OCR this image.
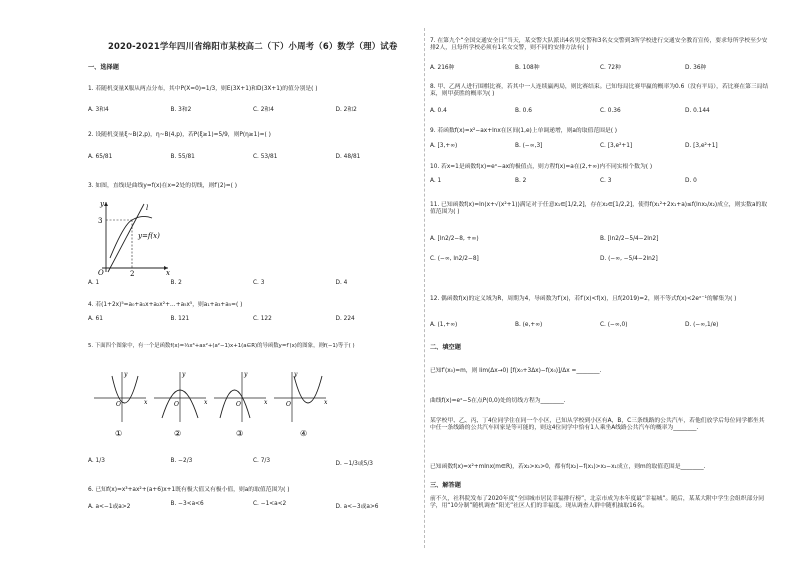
2020-2021学年四川省绵阳市某校高二（下）小周考（6）数学（理）试卷
一、选择题
1. 若随机变量X服从两点分布，其中P(X=0)=1/3，则E(3X+1)和D(3X+1)的值分别是( )
A. 3和4	B. 3和2	C. 2和4	D. 2和2
2. 设随机变量ξ~B(2,p)，η~B(4,p)，若P(ξ≥1)=5/9，则P(η≥1)=( )
A. 65/81	B. 55/81	C. 53/81	D. 48/81
3. 如图，直线l是曲线y=f(x)在x=2处的切线，则f′(2)=( )
y
x
O	2
3
l
y=f(x)
A. 1	B. 2	C. 3	D. 4
4. 若(1+2x)⁵=a₀+a₁x+a₂x²+…+a₅x⁵，则a₁+a₃+a₅=( )
A. 61	B. 121	C. 122	D. 224
5. 下面四个图象中，有一个是函数f(x)=⅓x³+ax²+(a²−1)x+1(a∈R)的导函数y=f′(x)的图象，则f(−1)等于( )
O	x
y
①
O	x
y
②
O	x
y
③
O	x
y
④
A. 1/3	B. −2/3	C. 7/3	D. −1/3或5/3
6. 已知f(x)=x³+ax²+(a+6)x+1既有极大值又有极小值，则a的取值范围为( )
A. a<−1或a>2	B. −3<a<6	C. −1<a<2	D. a<−3或a>6
7. 在第九个“全国交通安全日”当天，某交警大队派出4名男交警和3名女交警到3所学校进行交通安全教育宣传，要求每所学校至少安排2人，且每所学校必须有1名女交警，则不同的安排方法有( )
A. 216种	B. 108种	C. 72种	D. 36种
8. 甲、乙两人进行围棋比赛，若其中一人连续赢两局，则比赛结束。已知每局比赛甲赢的概率为0.6（没有平局），若比赛在第三局结束，则甲获胜的概率为( )
A. 0.4	B. 0.6	C. 0.36	D. 0.144
9. 若函数f(x)=x²−ax+lnx在区间(1,e)上单调递增，则a的取值范围是( )
A. [3,+∞)	B. (−∞,3]	C. [3,e²+1]	D. [3,e²+1]
10. 若x=1是函数f(x)=eˣ−ax的极值点，则方程f(x)=a在(2,+∞)内不同实根个数为( )
A. 1	B. 2	C. 3	D. 0
11. 已知函数f(x)=ln(x+√(x²+1))满足对于任意x₁∈[1/2,2]，存在x₂∈[1/2,2]，使得f(x₁²+2x₁+a)≤f(lnx₂/x₂)成立，则实数a的取值范围为( )
A. [ln2/2−8, +∞)	B. [ln2/2−5/4−2ln2]
C. (−∞, ln2/2−8]	D. (−∞, −5/4−2ln2]
12. 偶函数f(x)的定义域为R，周期为4，导函数为f′(x)，若f′(x)<f(x)，且f(2019)=2，则不等式f(x)<2eˣ⁻¹的解集为( )
A. (1,+∞)	B. (e,+∞)	C. (−∞,0)	D. (−∞,1/e)
二、填空题
已知f′(x₀)=m，则 lim(Δx→0) [f(x₀+3Δx)−f(x₀)]/Δx =________.
曲线f(x)=eˣ−5在点P(0,0)处的切线方程为________.
某学校甲、乙、丙、丁4位同学住在同一个小区，已知从学校到小区有A，B，C三条线路的公共汽车，若他们放学后每位同学都坐其中任一条线路的公共汽车回家是等可能的，则这4位同学中恰有1人乘坐A线路公共汽车的概率为________.
已知函数f(x)=x²+mlnx(m∈R)，若x₂>x₁>0，都有f(x₂)−f(x₁)>x₂−x₁成立，则m的取值范围是________.
三、解答题
前不久，社科院发布了2020年度“全国城市居民幸福排行榜”，北京市成为本年度最“幸福城”。随后，某某大附中学生会组织部分同学，用“10分制”随机调查“阳光”社区人们的幸福度。现从调查人群中随机抽取16名。
